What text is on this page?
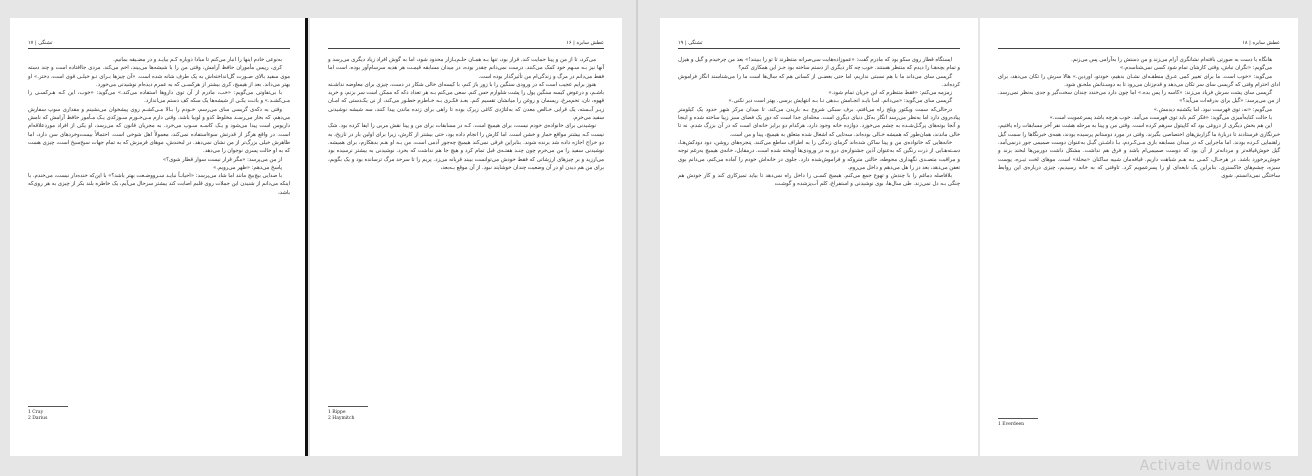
تشنگی | ۱۷

به‌نوعی خادم اینها را انبار می‌کنم تا مبادا دوباره کـم بیایـد و در مضـیقه بمانیم.

کری، رییس مأموران حافظ آرامش، وقتی من را با شیشه‌ها می‌بیند، اخم می‌کند. مردی جاافتاده است و چند دسته موی سفید بالای صـورت گل‌انداخته‌اش به یک طرف شانه شده است. «آن چیزها بـرای تـو خیلـی قوی است، دختر.» او بهتر می‌داند. بعد از هیمیچ، کری بیشتر از هرکسـی که به عمرم دیده‌ام نوشیدنی می‌خورد.

با بی‌تفاوتی می‌گویم: «خب، مادرم از آن توی داروها استفاده می‌کند.» می‌گوید: «خوب، این کـه هـرکسـی را مـی‌کشـد.» و باتـت یکـی از شیشه‌ها یک سکه کف دستم می‌اندازد.

وقتی به دکه‌ی گریسی سای می‌رسم، خـودم را بـالا مـی‌کشـم روی پیشخوان می‌نشینم و مقداری سوپ سفارش می‌دهم، که بخار می‌رسـد مخلوط کدو و لوبیا باشد. وقتی دارم مـی‌خـورم سـوزکدی یـک مـأمور حافظ آرامش که نامش داریوس است پیدا می‌شود و یـک کاسـه سـوپ می‌خرد. به مجریان قانون که می‌رسد، او یکی از افراد موردعلاقه‌ام است. در واقع هرگز از قدرتش سوءاستفاده نمی‌کند، معمولاً اهل شوخی است. احتمالاً بیست‌وخردهای سن دارد، اما ظاهرش خیلی بزرگ‌تر از من نشان نمی‌دهد. در لبخندش، موهای قرمزش که به تمام جهات سیخ‌سیخ است، چیزی هست که به او حالت پسری نوجوان را می‌دهد.

از من می‌پرسد: «مگر قرار نیست سوار قطار شوی؟»

پاسخ می‌دهم: «ظهر می‌رویم.»

با صدایی بیچ‌بیچ مانند اما شاد می‌پرسد: «احیانـاً نبایـد سـرووضـعت بهتر باشد؟» با این‌که خنده‌دار نیست، می‌خندم. با اینکه می‌دانم از شنیدن این جملات روی قلبم اصابت کند بیشتر سرحال می‌آیم، یک خاطره بلند بکر از چیزی به هر روی‌که باشد،

1 Cray
2 Darius
۱۶ | عطش سابره

می‌کرد، تا از من و پینا حمایت کند. قرار بود، تنها بـه همـان حلـم‌بـازار محدود شود، اما به گوش افراد زیاد دیگری می‌رسد و آنها نیز بـه سـهم خود کمک می‌کنند. درست نمی‌دانم چقدر بوده، در میدان مسابقه قیمـت هر هدیه سرسام‌آور بوده، است اما فقط می‌دانم در مرگ و زندگی‌ام من تأثیرگذار بوده است.

هنوز برایم عجیب است که در ورودی سنگین را با زور باز کنم، با کیسه‌ای خالی شکار در دست، چیزی برای معاوضه نداشـته باشـم، و درعوض کیسه سنگین پول را پشت شلوارم حس کنم. سعی می‌کنم بـه هر تعداد دکه که ممکن است سر بزنم، و خرید قهوه، نان، تخم‌مرغ، ریسمان و روغن را میانشان تقسیم کنم. بعـد فکـری بـه خـاطرم خطـور می‌کند، از نی یکـدستی که امـان زیـر آبـسته، یک قرابی خـالص معدن که به‌لتاژدی کاغی زیرک بوده تا راهی برای زنده ماندن پیدا کنند، سه شیشه نوشیدنی سفید می‌خرم.

نوشیدنی برای خانواده‌ی خودم نیست، برای هیمیچ است. کـه در مسابقات برای من و پینا نقش مربی را ایفا کرده بود. شک نیست کـه بیشتر مواقع خمار و خشن است. اما کارش را انجام داده بود، حتی بیشتر از کارش، زیرا برای اولین بار در تاریخ، به دو خراج اجازه داده شد برنده شوند. بنابراین فرقی نمی‌کند هیمیچ چه‌جور آدمی است، من بـه او هـم بدهکارم، برای همیشه. نوشیدنی سفید را من می‌خرم چون چنـد هفتـه‌ی قبل تمام کرد و هیچ جا هم نداشت که بخرد. نوشیدنی به بیشتر نرسیده بود می‌ارزید و بر چیزهای ارزشاتی که فقط خودش می‌توانست بیبند قربانه می‌زد. پریم را تا سرحد مرگ ترسانده بود و یک بگویم، برای من هم دیدن او در آن وضعیت چندان خوشایند نبود. از آن موقع بـه‌بعد،

1 Rippe
2 Haymitch
تشنگی | ۱۹

ایستگاه قطار روی سکو بود که مادرم گفت: «عموزاده‌هایت سی‌صرانه منتظرند تا تو را ببینند!» بعد من چرخیدم و گیل و هیزل و تمام بچه‌هـا را دیدم که منتظر هستند. خوب چه کار دیگری از دستم ساخته بود جـز این همکاری کنم؟

گریسی سای می‌داند ما با هم نسبتی نداریم، اما حتی بعضـی از کسانی هم که سال‌ها است ما را می‌شناسند انگار فراموش کرده‌اند.

زمزمه می‌کنم: «فقط منتظرم که این جریان تمام شود.»

گریسی سای می‌گوید: «می‌دانم. امـا بایـد انجـامش بـدهی تـا بـه انتهایش برسی. بهتر است دیر نکنی.»

درحالی‌که سمت ویکتور ویلج راه می‌افتم، برف سبکی شروع بـه باریدن می‌کند. تا میدان مرکز شهر حدود یک کیلومتر پیاده‌روی دارد اما به‌نظر می‌رسد انگار به‌کل دنیای دیگری است. محله‌ای جدا است که دور یک فضای سبز زیبا ساخته شده و اینجا و آنجا بوته‌های پرگـل‌شـده به چشم می‌خورد. دوازده خانه وجود دارد، هرکدام دو برابر خانه‌ای است که در آن بزرگ شدم. نه تا خالی ماندند، همان‌طور که همیشه خـالی بوده‌اند. سه‌تایی که اشغال شده متعلق به هیمیچ، پینا و من است.

خانه‌هایی که خانواده‌ی من و پینا ساکن شده‌اند گرمای زندگی را به اطراف ساطع می‌کنند. پنجره‌های روشن، دود دودکش‌هـا، دسـته‌هـایی از ذرت رنگین که به‌عنوان آذین جشنواره‌ی درو به در ورودی‌ها آویخته شده است. درمقابل، خانه‌ی هیمیچ به‌رغم توجه و مراقبت متصـدی نگهداری محوطه، حالتی متروکه و فراموش‌شده دارد. جلوی در خانه‌اش خودم را آماده می‌کنم، می‌دانم بوی تعفن می‌دهد، بعد در را هل می‌دهم و داخل می‌روم.

بلافاصله دماغم را با چندش و تهوع جمع می‌کنم. هیمیچ کسـی را داخل راه نمی‌دهد تا بیاید تمیزکاری کند و کار خودش هم چنگی بـه دل نمی‌زند. طی سال‌ها، بوی نوشیدنی و استفراغ، کلم آب‌پزشده و گوشـت

۱۸ | عطش سابره

هانگاه با دست به صورتی بافته‌ام نشانگری آرام می‌زند و من دستش را به‌آرامی پس می‌زنم.

می‌گویم: «نگران نباش، وقتی کارشان تمام شود کسی نمی‌شناسدم.»

می‌گوید: «خوب است. ما برای تغییر کمی عـرق منطقـه‌ای نشـان بدهیم، خودتو، اوردین.» هالا سرش را تکان می‌دهد، برای ادای احترام وقتی که گریسی سای سر تکان می‌دهد و قدم‌زنان می‌رود تا به دوسـتانش ملحـق شود.

گریسی سای پشت سرش فریاد می‌زند: «کاسه را پس بده.» اما چون دارد می‌خندد چندان سخت‌گیر و جدی به‌نظر نمی‌رسد. از من می‌پرسد: «گیل برای بدرقه‌ات می‌آید؟»

می‌گویم: «نه، توی فهرست نبود. اما یکشنبه دیدمش.»

با حالت کنایه‌آمیزی می‌گوید: «فکر کنم باید توی فهرست می‌آمد. خوب هرچه باشد پسرعمویت است.»

این هم بخش دیگری از دروغی بود که کاپیتول سرهم کرده است. وقتی من و پینا به مرحله هشت نفر آخر مسابقات راه یافتیم، خبرنگاری فرستادند تا دربارهٔ ما گزارش‌های اختصاصی بگیرند. وقتی در مورد دوستانم پرسیده بودند، همه‌ی خبرنگاها را سمت گیل راهنمایی کـرده بودند. اما ماجرایی که در میدان مسابقه بازی مـی‌کـردم، بـا داشـتن گیـل به‌عنوان دوست صمیمی جور درنمی‌آمد. گیل خوش‌قیافه‌تر و مردانه‌تر از آن بود که دوست صمیمی‌ام باشد و فرق هم نداشت. مشکل داشت دوربین‌ها لبخند بزند و خوش‌برخورد باشد. در هرحـال، کمـی بـه هـم شباهت داریم. قیافه‌مان شبیه ساکنان «محلهٔ» است. موهای لخت تیـره، پوست سبزه، چشم‌های خاکستری. بنابراین یک نابغه‌ای او را پسرعمویم کرد. تاوقتی که به خانه رسیدیم، چیزی درباره‌ی این روابط ساختگی نمی‌دانستم. شوی

1 Everdeen
Activate Windows
